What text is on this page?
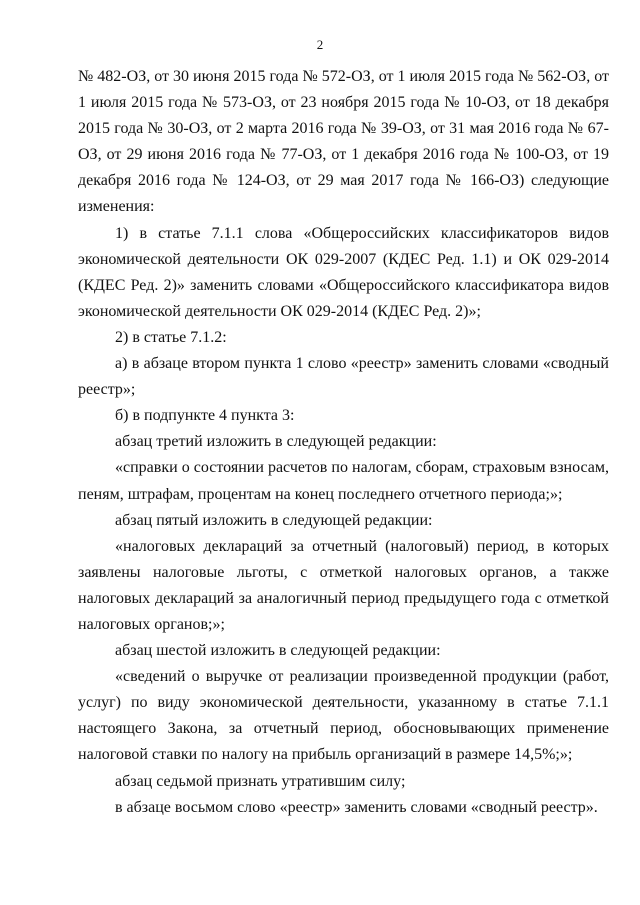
2

№ 482-ОЗ, от 30 июня 2015 года № 572-ОЗ, от 1 июля 2015 года № 562-ОЗ, от 1 июля 2015 года № 573-ОЗ, от 23 ноября 2015 года № 10-ОЗ, от 18 декабря 2015 года № 30-ОЗ, от 2 марта 2016 года № 39-ОЗ, от 31 мая 2016 года № 67-ОЗ, от 29 июня 2016 года № 77-ОЗ, от 1 декабря 2016 года № 100-ОЗ, от 19 декабря 2016 года № 124-ОЗ, от 29 мая 2017 года № 166-ОЗ) следующие изменения:

1) в статье 7.1.1 слова «Общероссийских классификаторов видов экономической деятельности ОК 029-2007 (КДЕС Ред. 1.1) и ОК 029-2014 (КДЕС Ред. 2)» заменить словами «Общероссийского классификатора видов экономической деятельности ОК 029-2014 (КДЕС Ред. 2)»;

2) в статье 7.1.2:

а) в абзаце втором пункта 1 слово «реестр» заменить словами «сводный реестр»;

б) в подпункте 4 пункта 3:

абзац третий изложить в следующей редакции:

«справки о состоянии расчетов по налогам, сборам, страховым взносам, пеням, штрафам, процентам на конец последнего отчетного периода;»;

абзац пятый изложить в следующей редакции:

«налоговых деклараций за отчетный (налоговый) период, в которых заявлены налоговые льготы, с отметкой налоговых органов, а также налоговых деклараций за аналогичный период предыдущего года с отметкой налоговых органов;»;

абзац шестой изложить в следующей редакции:

«сведений о выручке от реализации произведенной продукции (работ, услуг) по виду экономической деятельности, указанному в статье 7.1.1 настоящего Закона, за отчетный период, обосновывающих применение налоговой ставки по налогу на прибыль организаций в размере 14,5%;»;

абзац седьмой признать утратившим силу;

в абзаце восьмом слово «реестр» заменить словами «сводный реестр».
